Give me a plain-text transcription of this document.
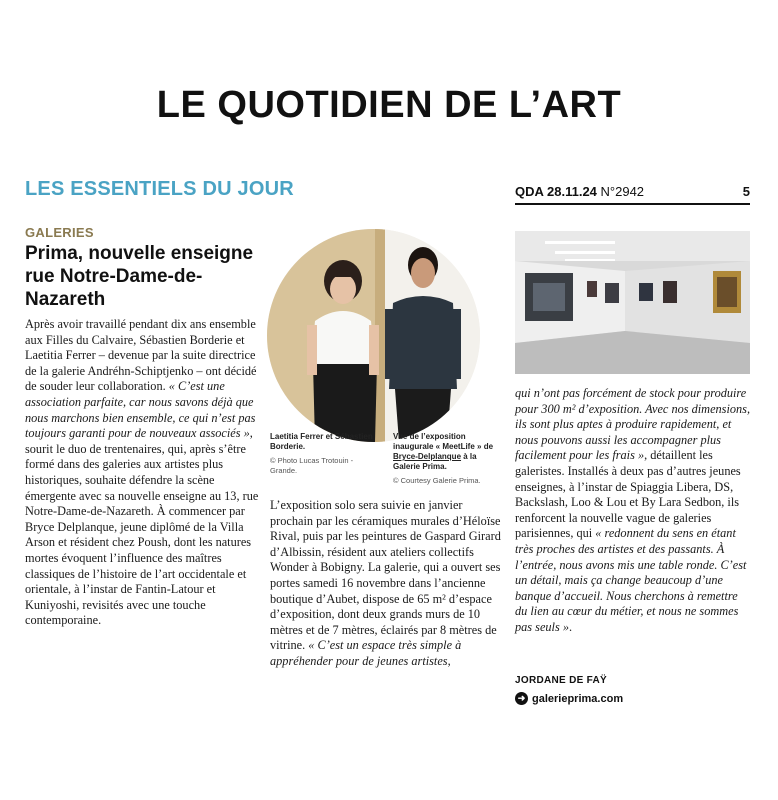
LE QUOTIDIEN DE L’ART
LES ESSENTIELS DU JOUR	QDA 28.11.24 N°2942	5
GALERIES
Prima, nouvelle enseigne rue Notre-Dame-de-Nazareth

Après avoir travaillé pendant dix ans ensemble aux Filles du Calvaire, Sébastien Borderie et Laetitia Ferrer – devenue par la suite directrice de la galerie Andréhn-Schiptjenko – ont décidé de souder leur collaboration. « C’est une association parfaite, car nous savons déjà que nous marchons bien ensemble, ce qui n’est pas toujours garanti pour de nouveaux associés », sourit le duo de trentenaires, qui, après s’être formé dans des galeries aux artistes plus historiques, souhaite défendre la scène émergente avec sa nouvelle enseigne au 13, rue Notre-Dame-de-Nazareth. À commencer par Bryce Delplanque, jeune diplômé de la Villa Arson et résident chez Poush, dont les natures mortes évoquent l’influence des maîtres classiques de l’histoire de l’art occidentale et orientale, à l’instar de Fantin-Latour et Kuniyoshi, revisités avec une touche contemporaine.

Laetitia Ferrer et Sébastien Borderie.
© Photo Lucas Trotouin - Grande.
Vue de l’exposition inaugurale « MeetLife » de Bryce-Delplanque à la Galerie Prima.
© Courtesy Galerie Prima.

L’exposition solo sera suivie en janvier prochain par les céramiques murales d’Héloïse Rival, puis par les peintures de Gaspard Girard d’Albissin, résident aux ateliers collectifs Wonder à Bobigny. La galerie, qui a ouvert ses portes samedi 16 novembre dans l’ancienne boutique d’Aubet, dispose de 65 m² d’espace d’exposition, dont deux grands murs de 10 mètres et de 7 mètres, éclairés par 8 mètres de vitrine. « C’est un espace très simple à appréhender pour de jeunes artistes,

qui n’ont pas forcément de stock pour produire pour 300 m² d’exposition. Avec nos dimensions, ils sont plus aptes à produire rapidement, et nous pouvons aussi les accompagner plus facilement pour les frais », détaillent les galeristes. Installés à deux pas d’autres jeunes enseignes, à l’instar de Spiaggia Libera, DS, Backslash, Loo & Lou et By Lara Sedbon, ils renforcent la nouvelle vague de galeries parisiennes, qui « redonnent du sens en étant très proches des artistes et des passants. À l’entrée, nous avons mis une table ronde. C’est un détail, mais ça change beaucoup d’une banque d’accueil. Nous cherchons à remettre du lien au cœur du métier, et nous ne sommes pas seuls ».

JORDANE DE FAŸ
➜ galerieprima.com
